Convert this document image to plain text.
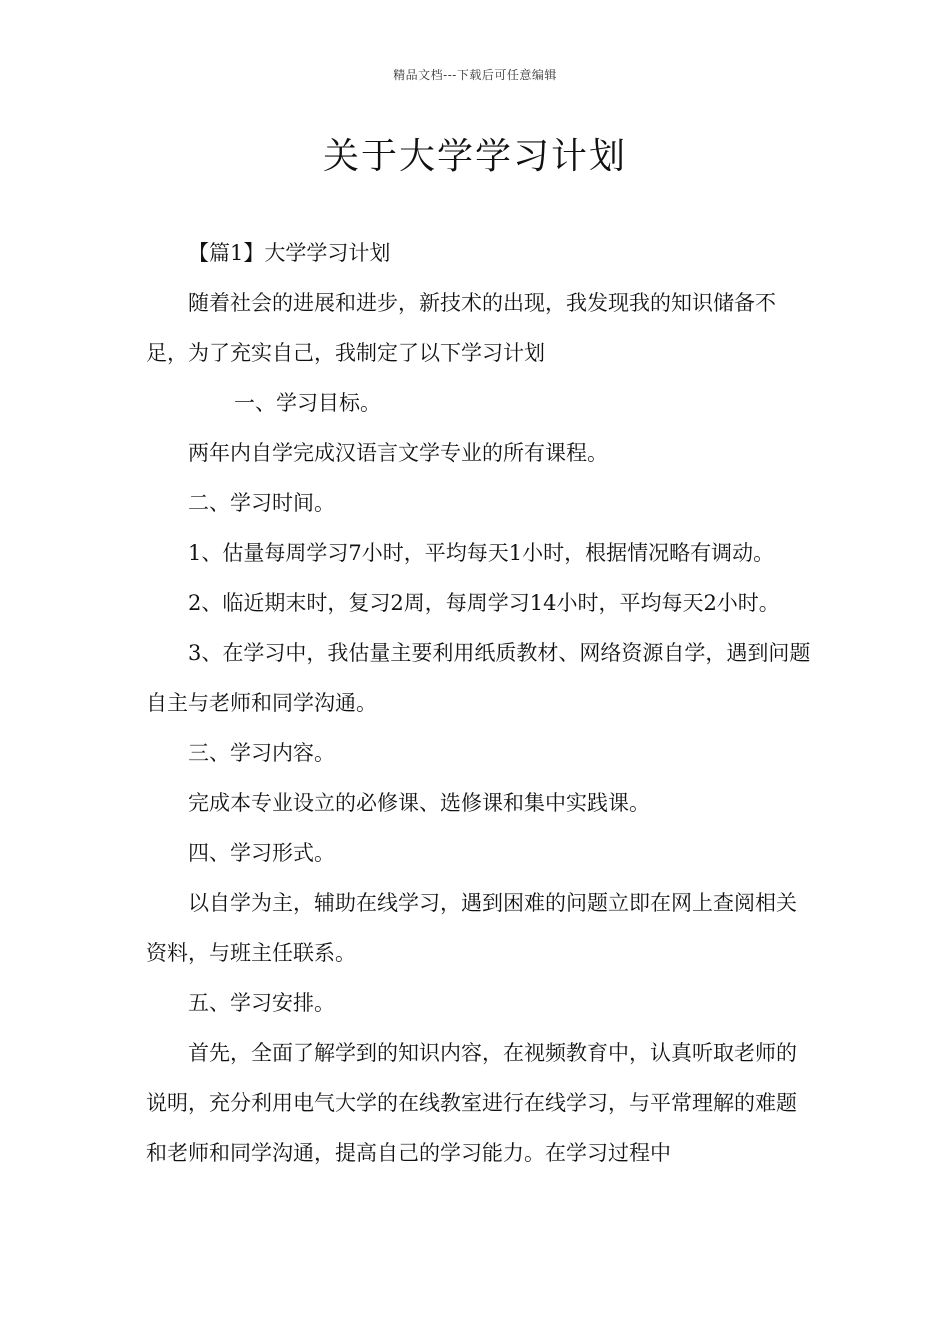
精品文档---下载后可任意编辑
关于大学学习计划

【篇1】大学学习计划

随着社会的进展和进步，新技术的出现，我发现我的知识储备不足，为了充实自己，我制定了以下学习计划

一、学习目标。

两年内自学完成汉语言文学专业的所有课程。

二、学习时间。

1、估量每周学习7小时，平均每天1小时，根据情况略有调动。

2、临近期末时，复习2周，每周学习14小时，平均每天2小时。

3、在学习中，我估量主要利用纸质教材、网络资源自学，遇到问题自主与老师和同学沟通。

三、学习内容。

完成本专业设立的必修课、选修课和集中实践课。

四、学习形式。

以自学为主，辅助在线学习，遇到困难的问题立即在网上查阅相关资料，与班主任联系。

五、学习安排。

首先，全面了解学到的知识内容，在视频教育中，认真听取老师的说明，充分利用电气大学的在线教室进行在线学习，与平常理解的难题和老师和同学沟通，提高自己的学习能力。在学习过程中
